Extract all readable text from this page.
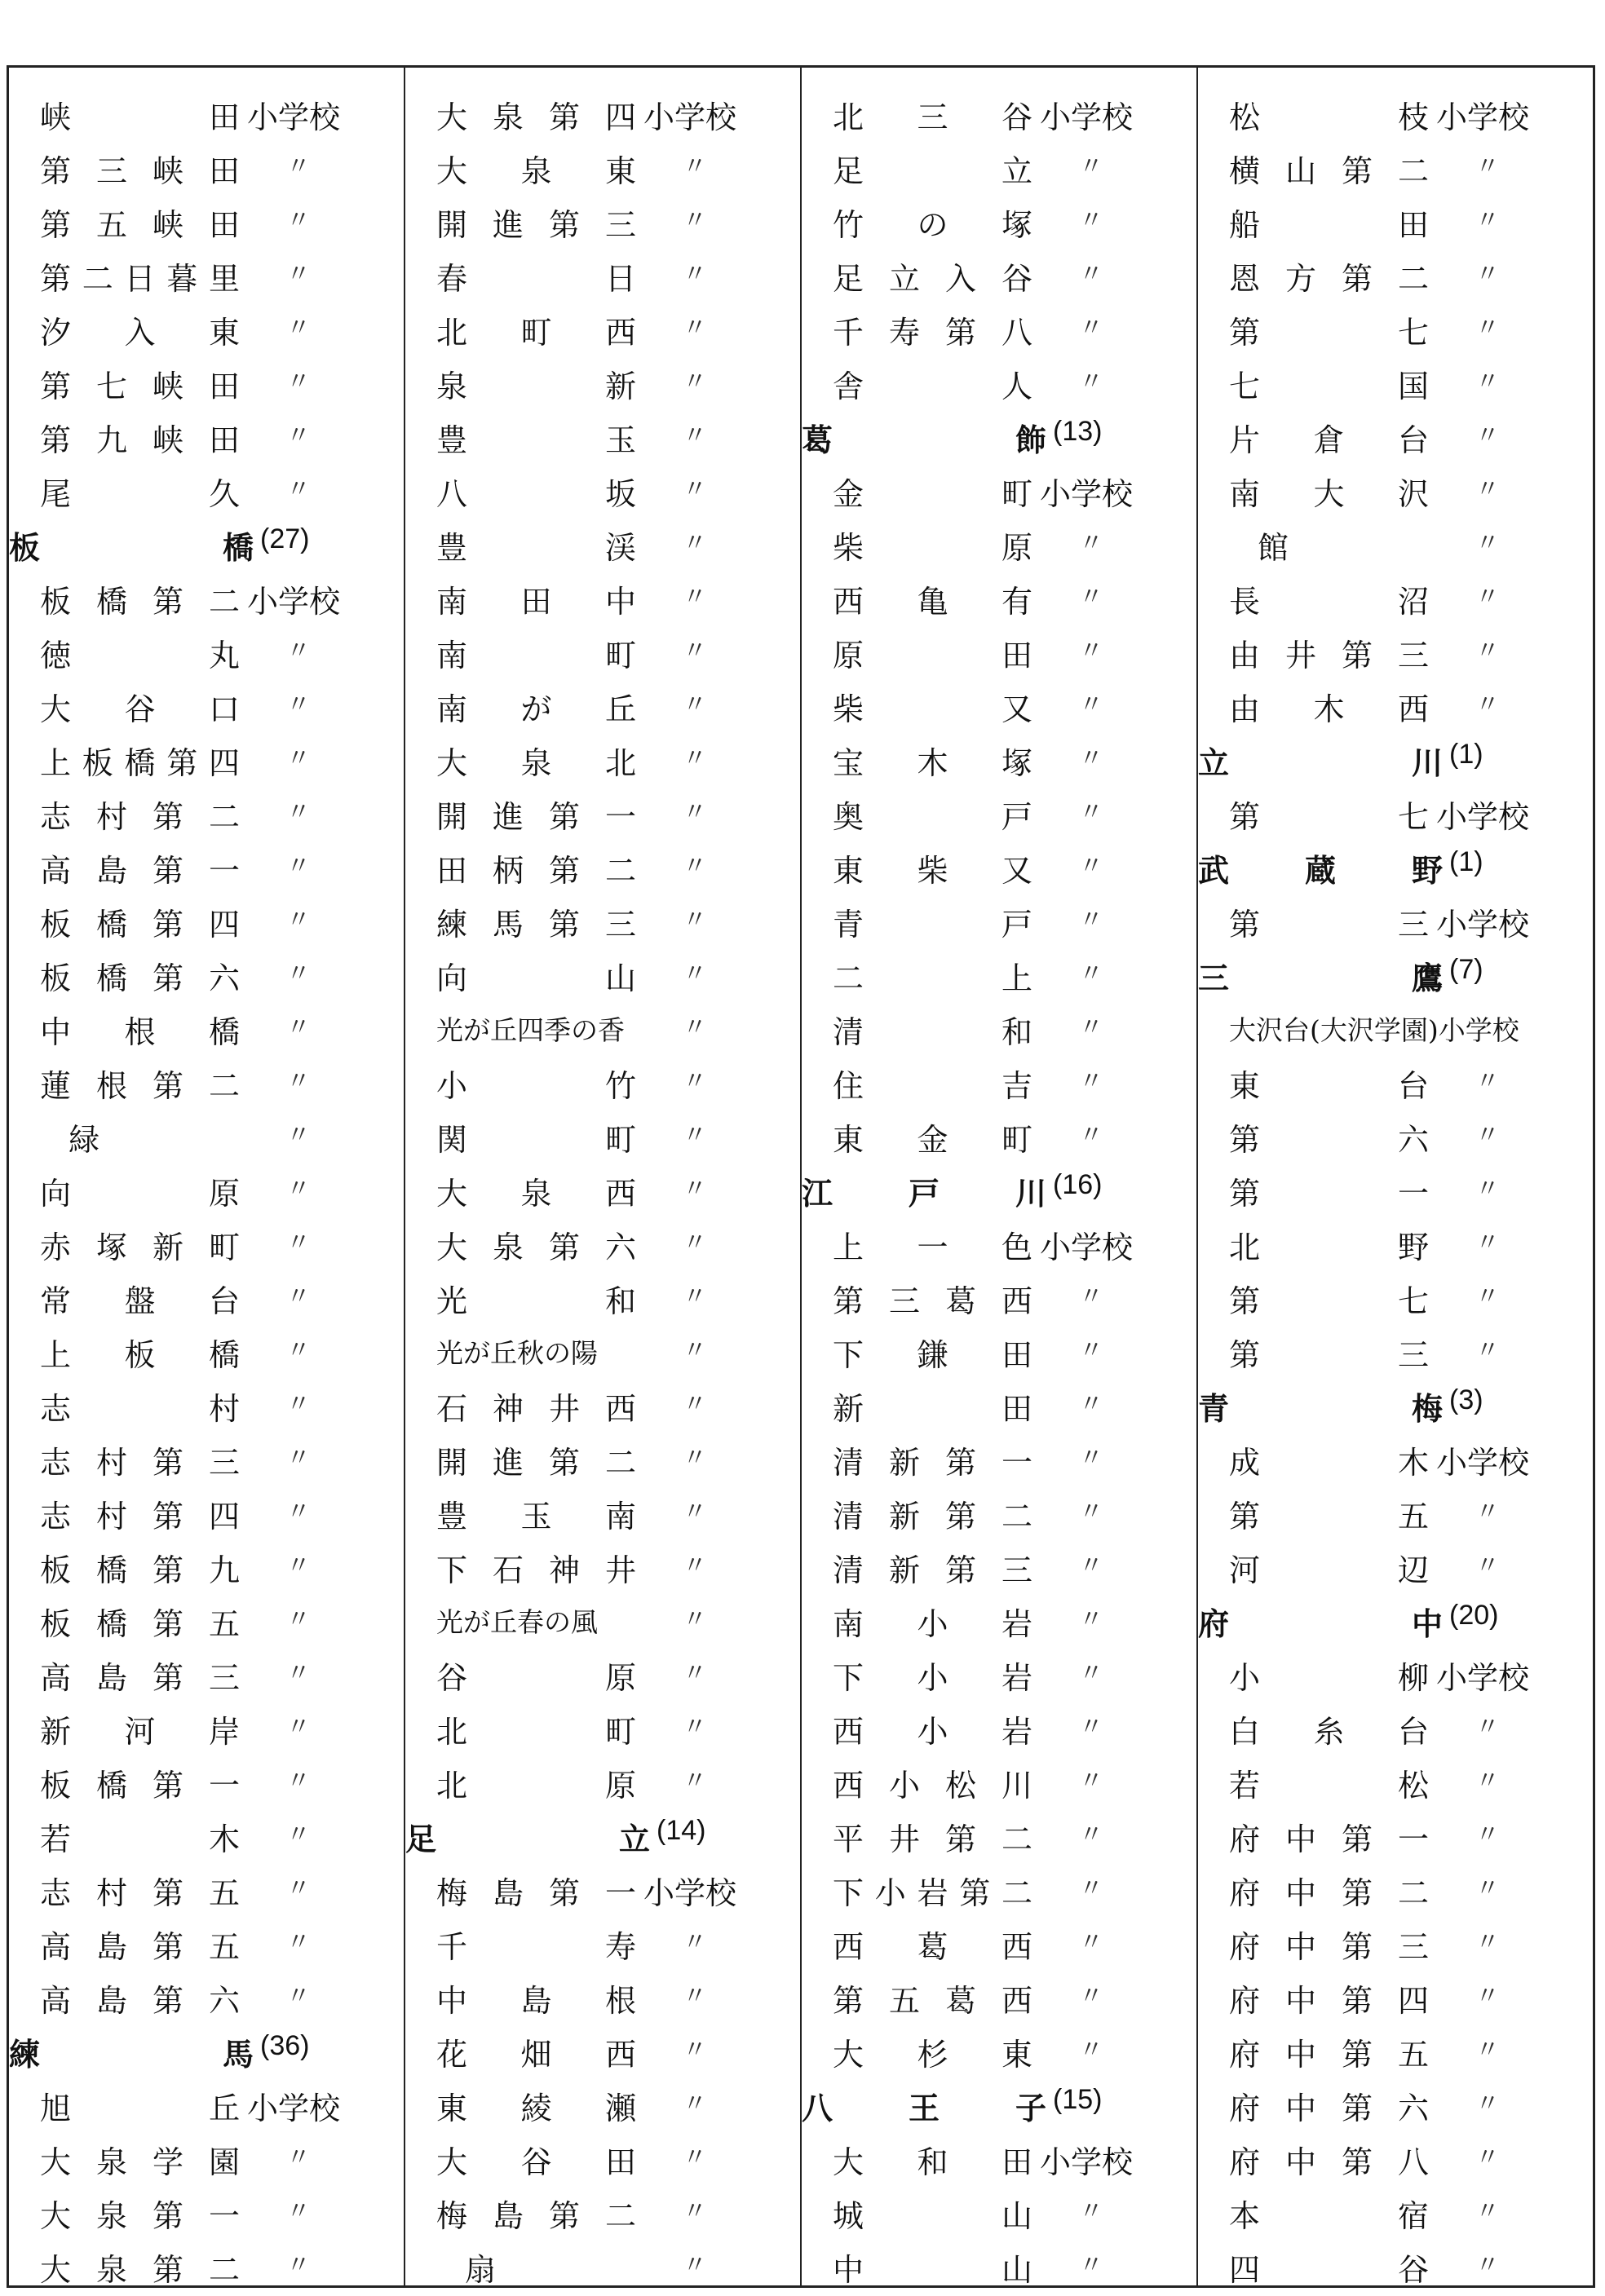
峡　　田 小学校
第三峡田 〃
第五峡田 〃
第二日暮里 〃
汐入東 〃
第七峡田 〃
第九峡田 〃
尾久 〃
板　橋 (27)
板橋第二 小学校
徳丸 〃
大谷口 〃
上板橋第四 〃
志村第二 〃
高島第一 〃
板橋第四 〃
板橋第六 〃
中根橋 〃
蓮根第二 〃
緑	〃
向原 〃
赤塚新町 〃
常盤台 〃
上板橋 〃
志村 〃
志村第三 〃
志村第四 〃
板橋第九 〃
板橋第五 〃
高島第三 〃
新河岸 〃
板橋第一 〃
若木 〃
志村第五 〃
高島第五 〃
高島第六 〃
練　馬 (36)
旭　　丘 小学校
大泉学園 〃
大泉第一 〃
大泉第二 〃
大泉第四 小学校
大泉東 〃
開進第三 〃
春日 〃
北町西 〃
泉新 〃
豊玉 〃
八坂 〃
豊渓 〃
南田中 〃
南町 〃
南が丘 〃
大泉北 〃
開進第一 〃
田柄第二 〃
練馬第三 〃
向山 〃
光が丘四季の香	〃
小竹 〃
関町 〃
大泉西 〃
大泉第六 〃
光和 〃
光が丘秋の陽	〃
石神井西 〃
開進第二 〃
豊玉南 〃
下石神井 〃
光が丘春の風	〃
谷原 〃
北町 〃
北原 〃
足　立 (14)
梅島第一 小学校
千寿 〃
中島根 〃
花畑西 〃
東綾瀬 〃
大谷田 〃
梅島第二 〃
扇	〃
北三谷 小学校
足立 〃
竹の塚 〃
足立入谷 〃
千寿第八 〃
舎人 〃
葛　飾 (13)
金　　町 小学校
柴原 〃
西亀有 〃
原田 〃
柴又 〃
宝木塚 〃
奥戸 〃
東柴又 〃
青戸 〃
二上 〃
清和 〃
住吉 〃
東金町 〃
江戸川 (16)
上一色 小学校
第三葛西 〃
下鎌田 〃
新田 〃
清新第一 〃
清新第二 〃
清新第三 〃
南小岩 〃
下小岩 〃
西小岩 〃
西小松川 〃
平井第二 〃
下小岩第二 〃
西葛西 〃
第五葛西 〃
大杉東 〃
八王子 (15)
大和田 小学校
城山 〃
中山 〃
松　　枝 小学校
横山第二 〃
船田 〃
恩方第二 〃
第七 〃
七国 〃
片倉台 〃
南大沢 〃
館	〃
長沼 〃
由井第三 〃
由木西 〃
立　川 (1)
第　　七 小学校
武蔵野 (1)
第　　三 小学校
三　鷹 (7)
大沢台(大沢学園)小学校
東台 〃
第六 〃
第一 〃
北野 〃
第七 〃
第三 〃
青　梅 (3)
成　　木 小学校
第五 〃
河辺 〃
府　中 (20)
小　　柳 小学校
白糸台 〃
若松 〃
府中第一 〃
府中第二 〃
府中第三 〃
府中第四 〃
府中第五 〃
府中第六 〃
府中第八 〃
本宿 〃
四谷 〃
